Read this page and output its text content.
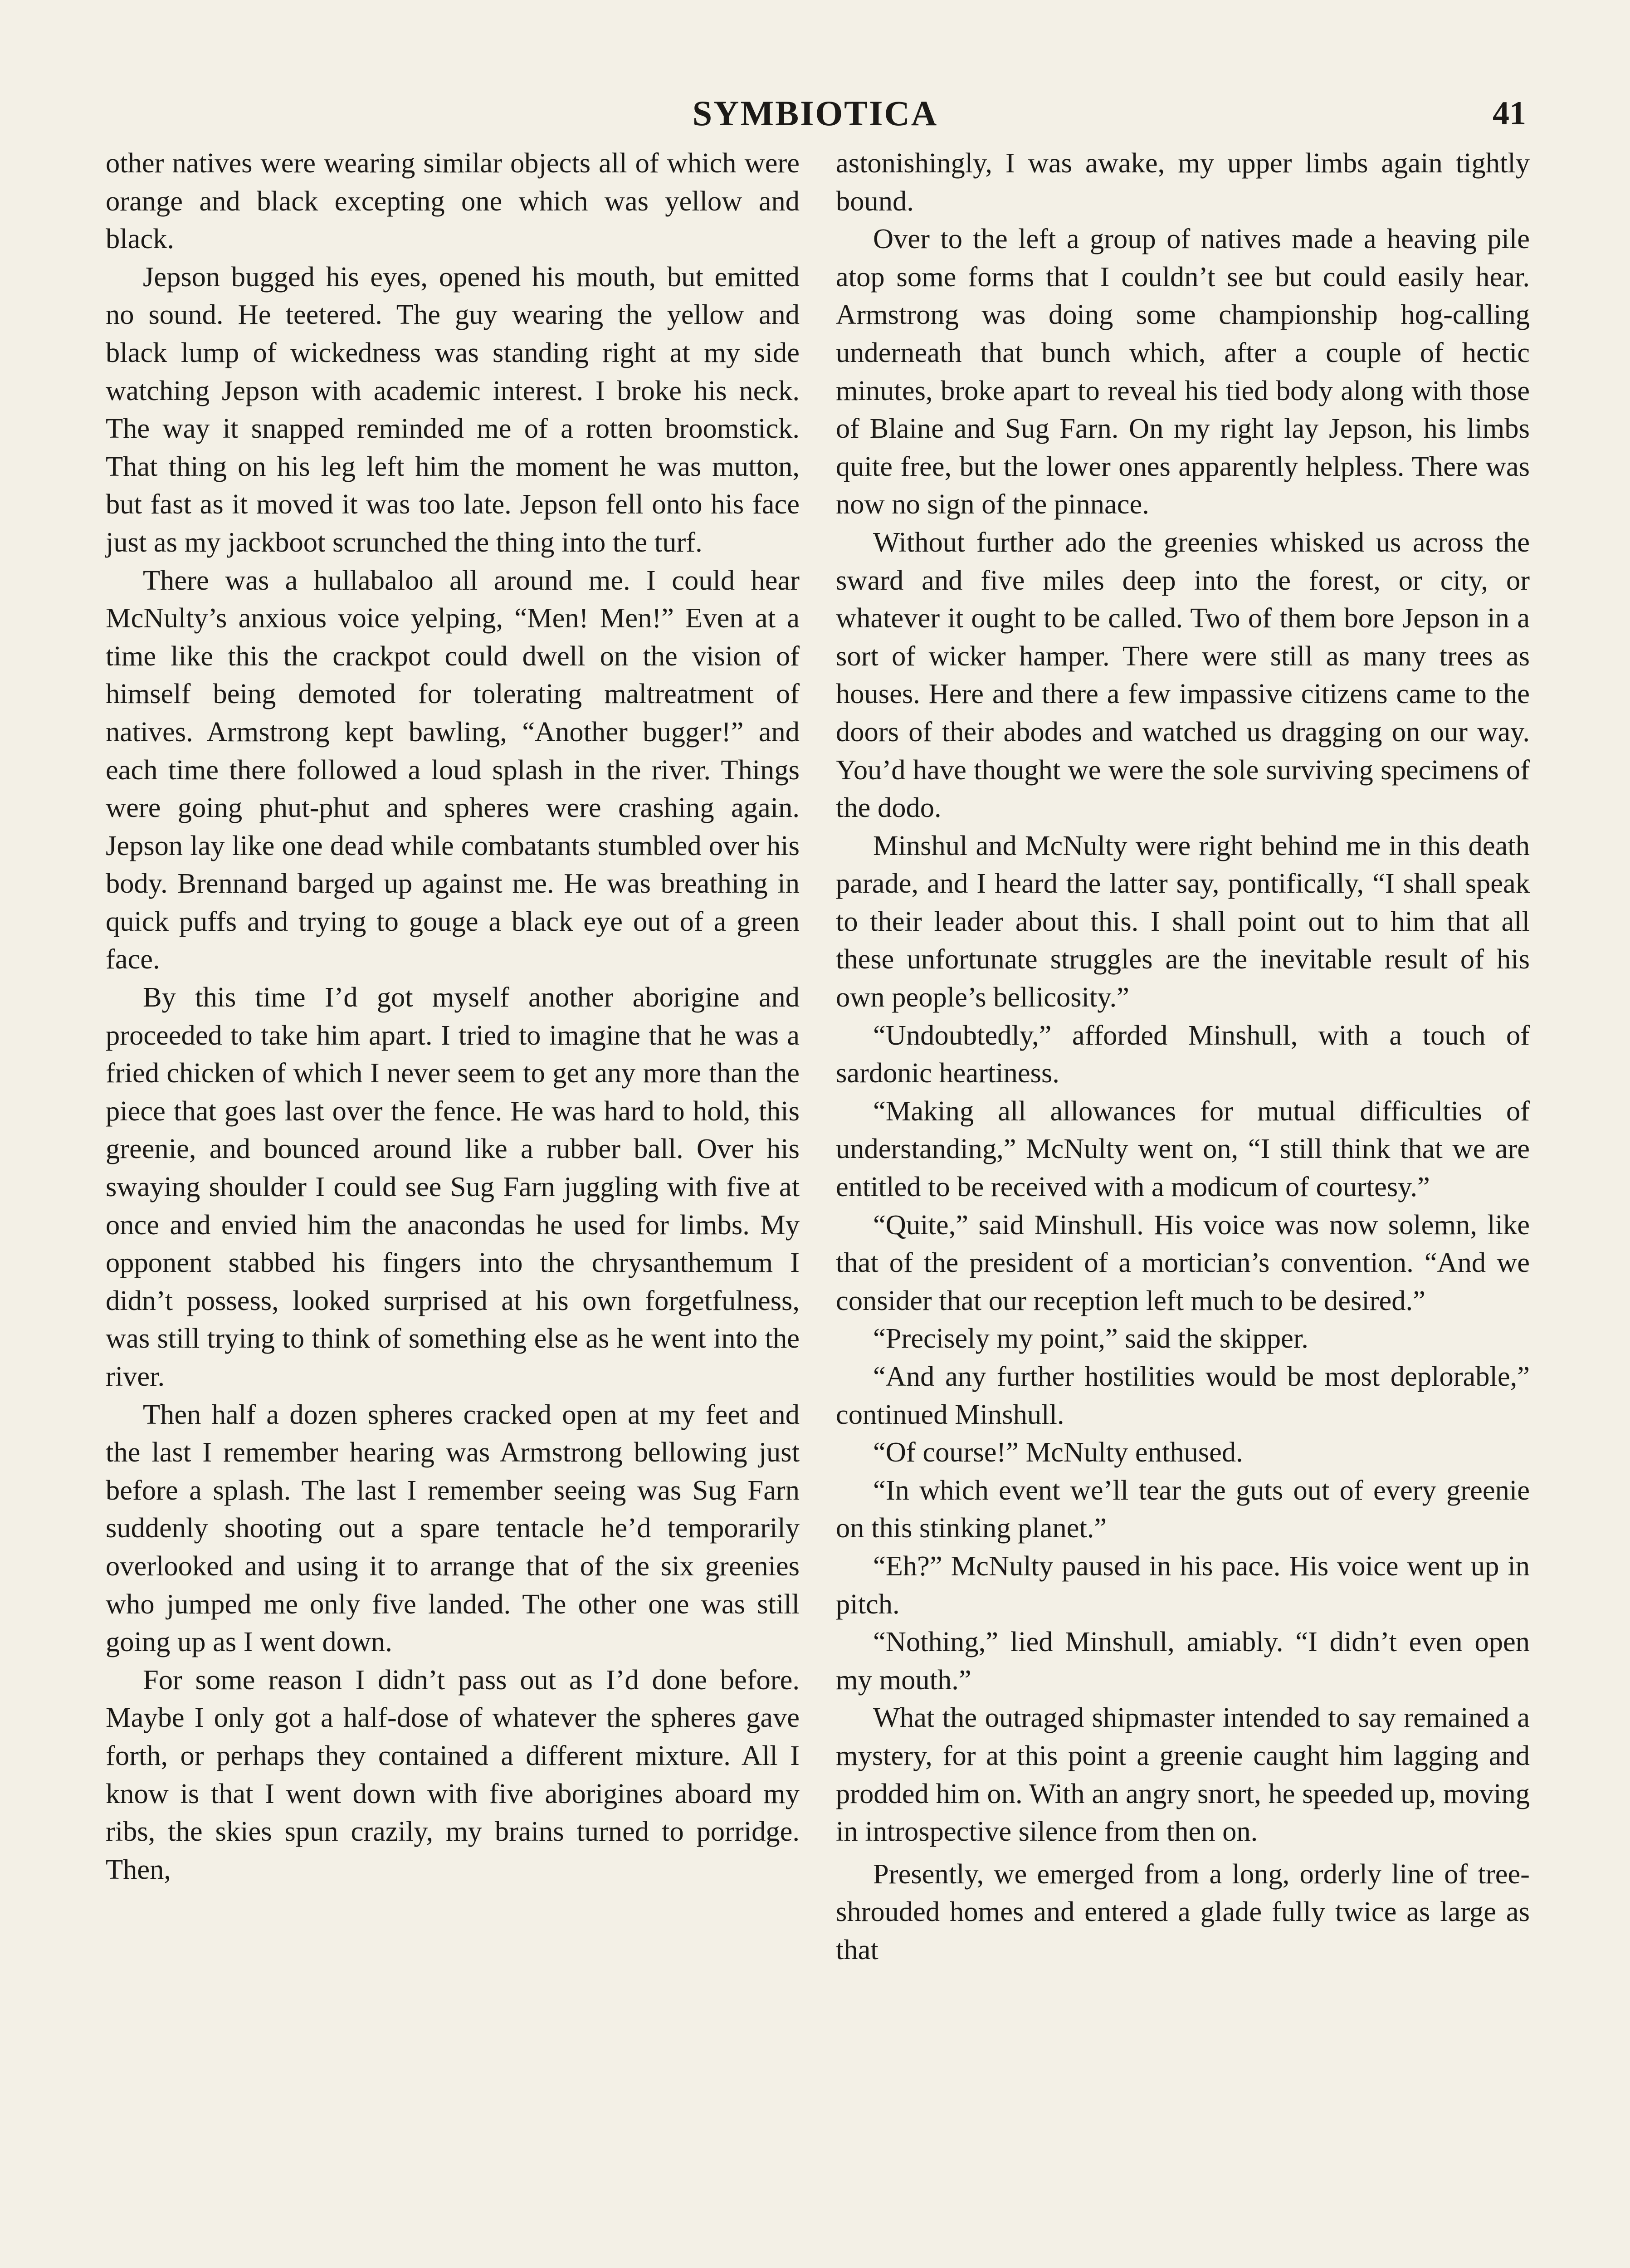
SYMBIOTICA	41

other natives were wearing similar objects all of which were orange and black excepting one which was yellow and black.

Jepson bugged his eyes, opened his mouth, but emitted no sound. He teetered. The guy wearing the yellow and black lump of wickedness was standing right at my side watching Jepson with academic interest. I broke his neck. The way it snapped reminded me of a rotten broomstick. That thing on his leg left him the moment he was mutton, but fast as it moved it was too late. Jepson fell onto his face just as my jackboot scrunched the thing into the turf.

There was a hullabaloo all around me. I could hear McNulty’s anxious voice yelping, “Men! Men!” Even at a time like this the crackpot could dwell on the vision of himself being demoted for tolerating maltreatment of natives. Armstrong kept bawling, “Another bugger!” and each time there followed a loud splash in the river. Things were going phut-phut and spheres were crashing again. Jepson lay like one dead while combatants stumbled over his body. Brennand barged up against me. He was breathing in quick puffs and trying to gouge a black eye out of a green face.

By this time I’d got myself another aborigine and proceeded to take him apart. I tried to imagine that he was a fried chicken of which I never seem to get any more than the piece that goes last over the fence. He was hard to hold, this greenie, and bounced around like a rubber ball. Over his swaying shoulder I could see Sug Farn juggling with five at once and envied him the anacondas he used for limbs. My opponent stabbed his fingers into the chrysanthemum I didn’t possess, looked surprised at his own forgetfulness, was still trying to think of something else as he went into the river.

Then half a dozen spheres cracked open at my feet and the last I remember hearing was Armstrong bellowing just before a splash. The last I remember seeing was Sug Farn suddenly shooting out a spare tentacle he’d temporarily overlooked and using it to arrange that of the six greenies who jumped me only five landed. The other one was still going up as I went down.

For some reason I didn’t pass out as I’d done before. Maybe I only got a half-dose of whatever the spheres gave forth, or perhaps they contained a different mixture. All I know is that I went down with five aborigines aboard my ribs, the skies spun crazily, my brains turned to porridge. Then,

astonishingly, I was awake, my upper limbs again tightly bound.

Over to the left a group of natives made a heaving pile atop some forms that I couldn’t see but could easily hear. Armstrong was doing some championship hog-calling underneath that bunch which, after a couple of hectic minutes, broke apart to reveal his tied body along with those of Blaine and Sug Farn. On my right lay Jepson, his limbs quite free, but the lower ones apparently helpless. There was now no sign of the pinnace.

Without further ado the greenies whisked us across the sward and five miles deep into the forest, or city, or whatever it ought to be called. Two of them bore Jepson in a sort of wicker hamper. There were still as many trees as houses. Here and there a few impassive citizens came to the doors of their abodes and watched us dragging on our way. You’d have thought we were the sole surviving specimens of the dodo.

Minshul and McNulty were right behind me in this death parade, and I heard the latter say, pontifically, “I shall speak to their leader about this. I shall point out to him that all these unfortunate struggles are the inevitable result of his own people’s bellicosity.”

“Undoubtedly,” afforded Minshull, with a touch of sardonic heartiness.

“Making all allowances for mutual difficulties of understanding,” McNulty went on, “I still think that we are entitled to be received with a modicum of courtesy.”

“Quite,” said Minshull. His voice was now solemn, like that of the president of a mortician’s convention. “And we consider that our reception left much to be desired.”

“Precisely my point,” said the skipper.

“And any further hostilities would be most deplorable,” continued Minshull.

“Of course!” McNulty enthused.

“In which event we’ll tear the guts out of every greenie on this stinking planet.”

“Eh?” McNulty paused in his pace. His voice went up in pitch.

“Nothing,” lied Minshull, amiably. “I didn’t even open my mouth.”

What the outraged shipmaster intended to say remained a mystery, for at this point a greenie caught him lagging and prodded him on. With an angry snort, he speeded up, moving in introspective silence from then on.

Presently, we emerged from a long, orderly line of tree-shrouded homes and entered a glade fully twice as large as that
